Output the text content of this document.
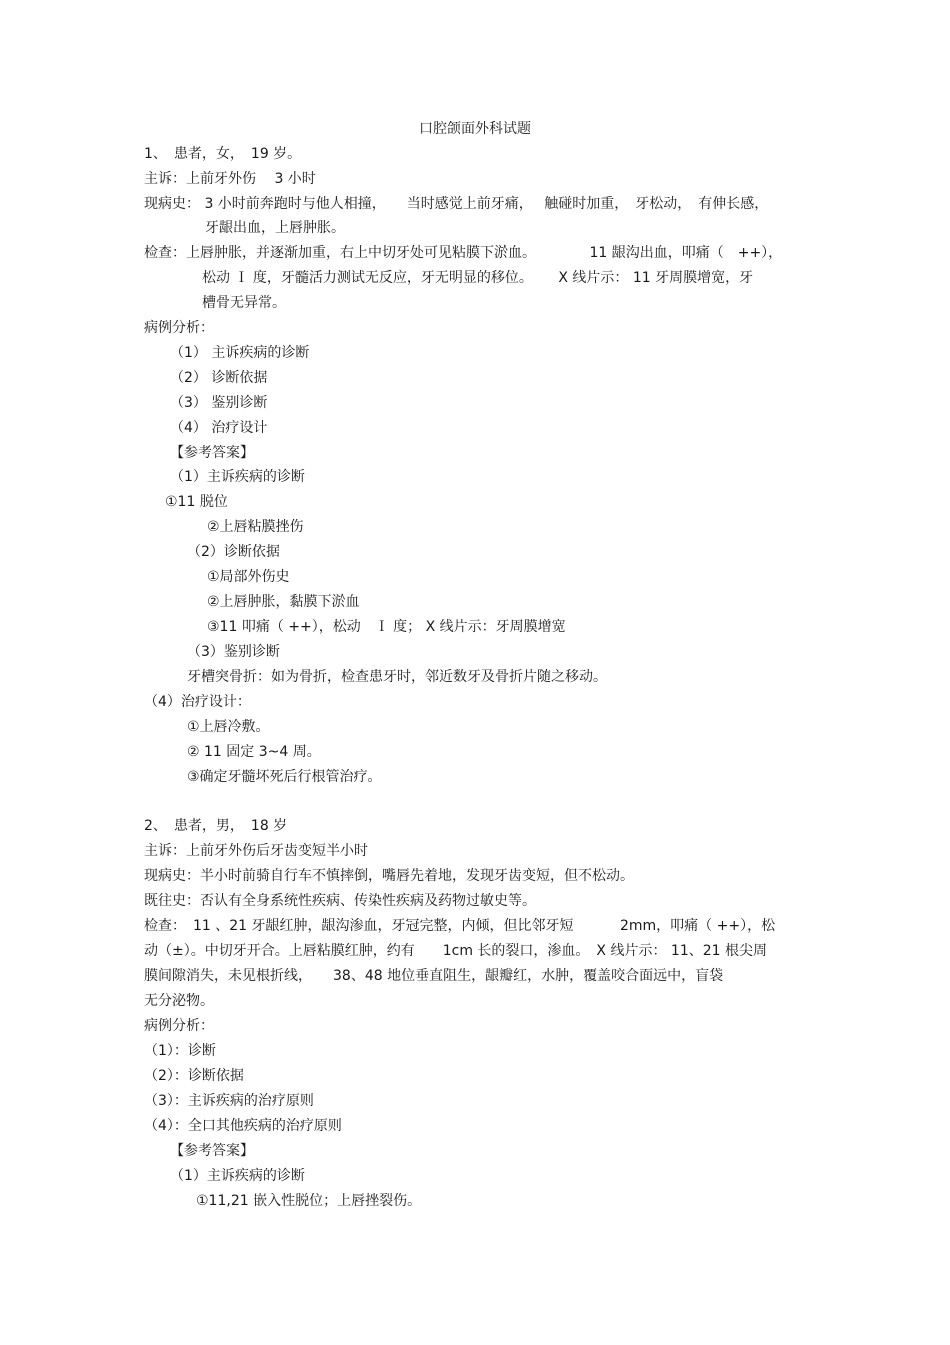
口腔颌面外科试题
1、　患者，女，　19 岁。
主诉：上前牙外伤　 3 小时
现病史： 3 小时前奔跑时与他人相撞，　　当时感觉上前牙痛，　 触碰时加重，　牙松动，　有伸长感，
牙龈出血，上唇肿胀。
检查：上唇肿胀，并逐渐加重，右上中切牙处可见粘膜下淤血。　　　　 11 龈沟出血，叩痛（　++），
松动 Ｉ 度，牙髓活力测试无反应，牙无明显的移位。　　 X 线片示： 11 牙周膜增宽，牙
槽骨无异常。
病例分析：
（1） 主诉疾病的诊断
（2） 诊断依据
（3） 鉴别诊断
（4） 治疗设计
【参考答案】
（1）主诉疾病的诊断
①11 脱位
②上唇粘膜挫伤
（2）诊断依据
①局部外伤史
②上唇肿胀，黏膜下淤血
③11 叩痛（ ++），松动　Ｉ 度； X 线片示：牙周膜增宽
（3）鉴别诊断
牙槽突骨折：如为骨折，检查患牙时，邻近数牙及骨折片随之移动。
（4）治疗设计：
①上唇冷敷。
② 11 固定 3~4 周。
③确定牙髓坏死后行根管治疗。
2、　患者，男，　18 岁
主诉：上前牙外伤后牙齿变短半小时
现病史：半小时前骑自行车不慎摔倒，嘴唇先着地，发现牙齿变短，但不松动。
既往史：否认有全身系统性疾病、传染性疾病及药物过敏史等。
检查：　11 、21 牙龈红肿，龈沟渗血，牙冠完整，内倾，但比邻牙短　　　 2mm，叩痛（ ++），松
动（±）。中切牙开合。上唇粘膜红肿，约有　　1cm 长的裂口，渗血。　X 线片示： 11、21 根尖周
膜间隙消失，未见根折线，　　38、48 地位垂直阻生，龈瓣红，水肿，覆盖咬合面远中，盲袋
无分泌物。
病例分析：
（1）：诊断
（2）：诊断依据
（3）：主诉疾病的治疗原则
（4）：全口其他疾病的治疗原则
【参考答案】
（1）主诉疾病的诊断
①11,21 嵌入性脱位；上唇挫裂伤。
